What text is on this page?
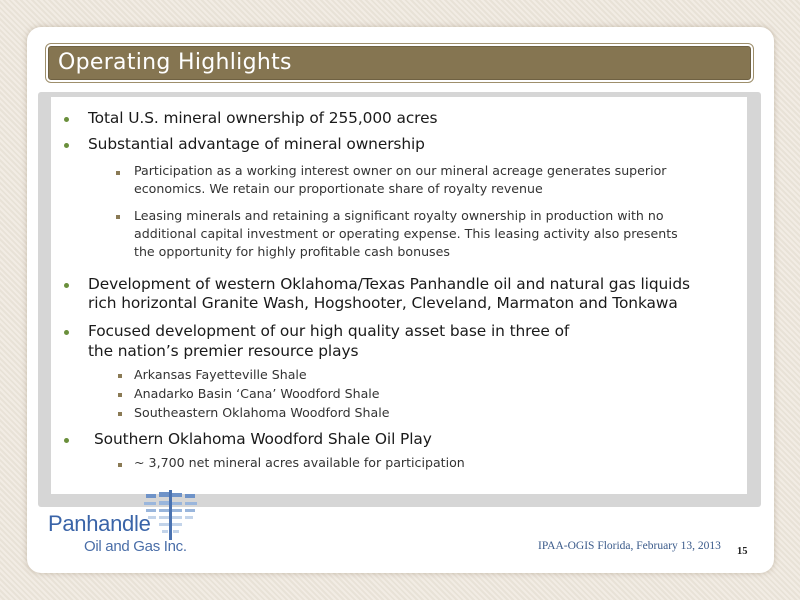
Operating Highlights
Total U.S. mineral ownership of 255,000 acres
Substantial advantage of mineral ownership
Participation as a working interest owner on our mineral acreage generates superior
economics. We retain our proportionate share of royalty revenue
Leasing minerals and retaining a significant royalty ownership in production with no
additional capital investment or operating expense. This leasing activity also presents
the opportunity for highly profitable cash bonuses
Development of western Oklahoma/Texas Panhandle oil and natural gas liquids
rich horizontal Granite Wash, Hogshooter, Cleveland, Marmaton and Tonkawa
Focused development of our high quality asset base in three of
the nation’s premier resource plays
Arkansas Fayetteville Shale
Anadarko Basin ‘Cana’ Woodford Shale
Southeastern Oklahoma Woodford Shale
Southern Oklahoma Woodford Shale Oil Play
~ 3,700 net mineral acres available for participation
Panhandle
Oil and Gas Inc.	IPAA-OGIS Florida, February 13, 2013 15
